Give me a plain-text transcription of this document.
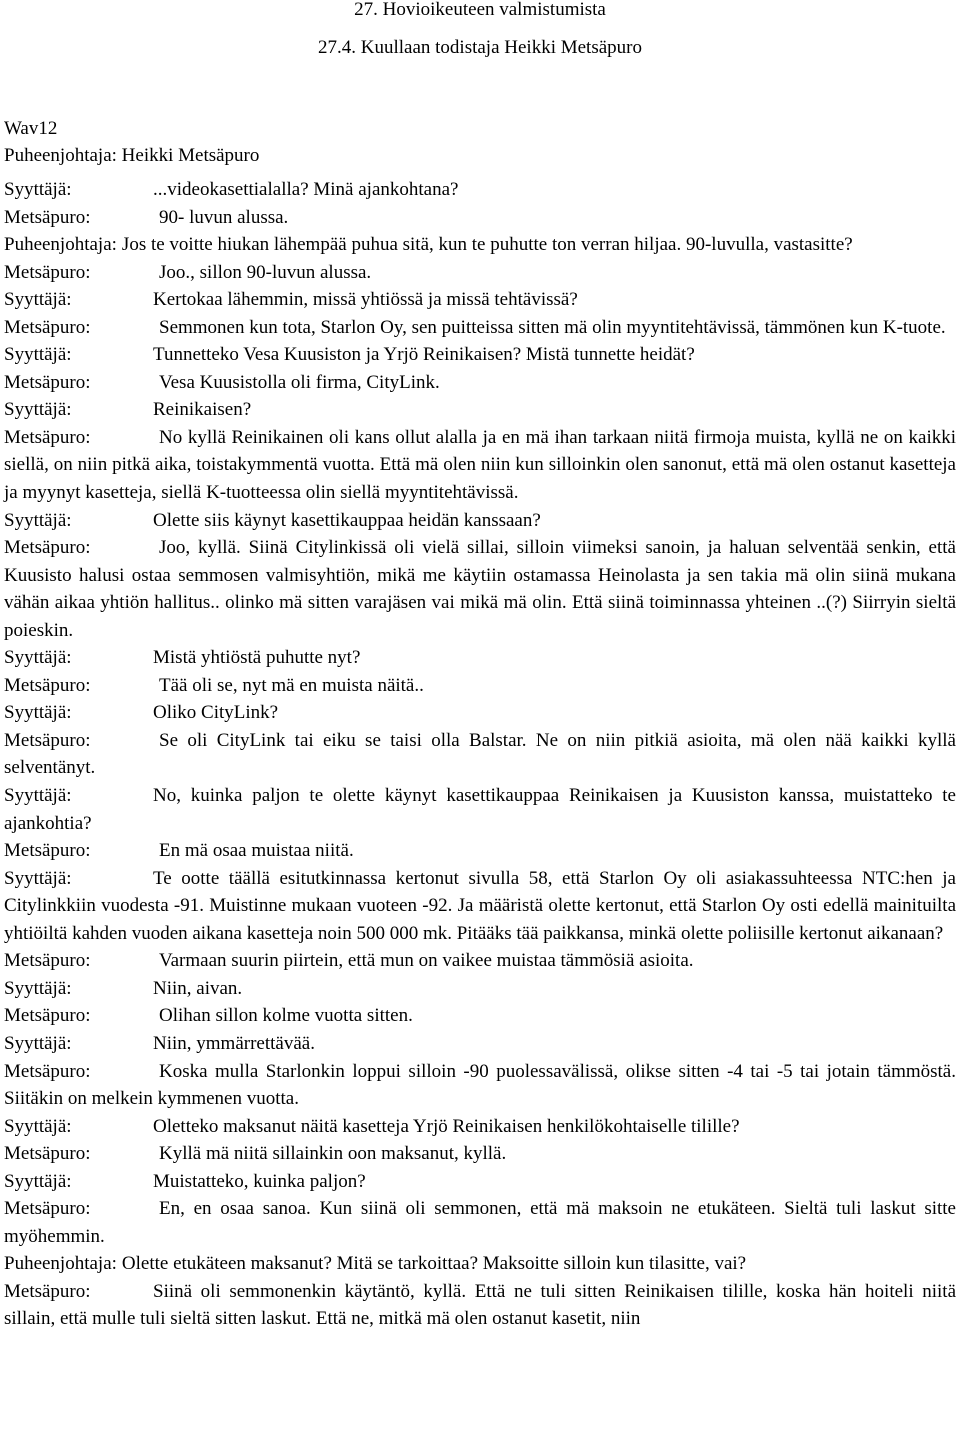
27. Hovioikeuteen valmistumista
27.4. Kuullaan todistaja Heikki Metsäpuro
Wav12
Puheenjohtaja: Heikki Metsäpuro
Syyttäjä:	...videokasettialalla? Minä ajankohtana?
Metsäpuro:	90- luvun alussa.
Puheenjohtaja: Jos te voitte hiukan lähempää puhua sitä, kun te puhutte ton verran hiljaa. 90-luvulla, vastasitte?
Metsäpuro:	Joo., sillon 90-luvun alussa.
Syyttäjä:	Kertokaa lähemmin, missä yhtiössä ja missä tehtävissä?
Metsäpuro:	Semmonen kun tota, Starlon Oy, sen puitteissa sitten mä olin myyntitehtävissä, tämmönen kun K-tuote.
Syyttäjä:	Tunnetteko Vesa Kuusiston ja Yrjö Reinikaisen? Mistä tunnette heidät?
Metsäpuro:	Vesa Kuusistolla oli firma, CityLink.
Syyttäjä:	Reinikaisen?
Metsäpuro:	No kyllä Reinikainen oli kans ollut alalla ja en mä ihan tarkaan niitä firmoja muista, kyllä ne on kaikki siellä, on niin pitkä aika, toistakymmentä vuotta. Että mä olen niin kun silloinkin olen sanonut, että mä olen ostanut kasetteja ja myynyt kasetteja, siellä K-tuotteessa olin siellä myyntitehtävissä.
Syyttäjä:	Olette siis käynyt kasettikauppaa heidän kanssaan?
Metsäpuro:	Joo, kyllä. Siinä Citylinkissä oli vielä sillai, silloin viimeksi sanoin, ja haluan selventää senkin, että Kuusisto halusi ostaa semmosen valmisyhtiön, mikä me käytiin ostamassa Heinolasta ja sen takia mä olin siinä mukana vähän aikaa yhtiön hallitus.. olinko mä sitten varajäsen vai mikä mä olin. Että siinä toiminnassa yhteinen ..(?) Siirryin sieltä poieskin.
Syyttäjä:	Mistä yhtiöstä puhutte nyt?
Metsäpuro:	Tää oli se, nyt mä en muista näitä..
Syyttäjä:	Oliko CityLink?
Metsäpuro:	Se oli CityLink tai eiku se taisi olla Balstar. Ne on niin pitkiä asioita, mä olen nää kaikki kyllä selventänyt.
Syyttäjä:	No, kuinka paljon te olette käynyt kasettikauppaa Reinikaisen ja Kuusiston kanssa, muistatteko te ajankohtia?
Metsäpuro:	En mä osaa muistaa niitä.
Syyttäjä:	Te ootte täällä esitutkinnassa kertonut sivulla 58, että Starlon Oy oli asiakassuhteessa NTC:hen ja Citylinkkiin vuodesta -91. Muistinne mukaan vuoteen -92. Ja määristä olette kertonut, että Starlon Oy osti edellä mainituilta yhtiöiltä kahden vuoden aikana kasetteja noin 500 000 mk. Pitääks tää paikkansa, minkä olette poliisille kertonut aikanaan?
Metsäpuro:	Varmaan suurin piirtein, että mun on vaikee muistaa tämmösiä asioita.
Syyttäjä:	Niin, aivan.
Metsäpuro:	Olihan sillon kolme vuotta sitten.
Syyttäjä:	Niin, ymmärrettävää.
Metsäpuro:	Koska mulla Starlonkin loppui silloin -90 puolessavälissä, olikse sitten -4 tai -5 tai jotain tämmöstä. Siitäkin on melkein kymmenen vuotta.
Syyttäjä:	Oletteko maksanut näitä kasetteja Yrjö Reinikaisen henkilökohtaiselle tilille?
Metsäpuro:	Kyllä mä niitä sillainkin oon maksanut, kyllä.
Syyttäjä:	Muistatteko, kuinka paljon?
Metsäpuro:	En, en osaa sanoa. Kun siinä oli semmonen, että mä maksoin ne etukäteen. Sieltä tuli laskut sitte myöhemmin.
Puheenjohtaja: Olette etukäteen maksanut? Mitä se tarkoittaa? Maksoitte silloin kun tilasitte, vai?
Metsäpuro:	Siinä oli semmonenkin käytäntö, kyllä. Että ne tuli sitten Reinikaisen tilille, koska hän hoiteli niitä sillain, että mulle tuli sieltä sitten laskut. Että ne, mitkä mä olen ostanut kasetit, niin
